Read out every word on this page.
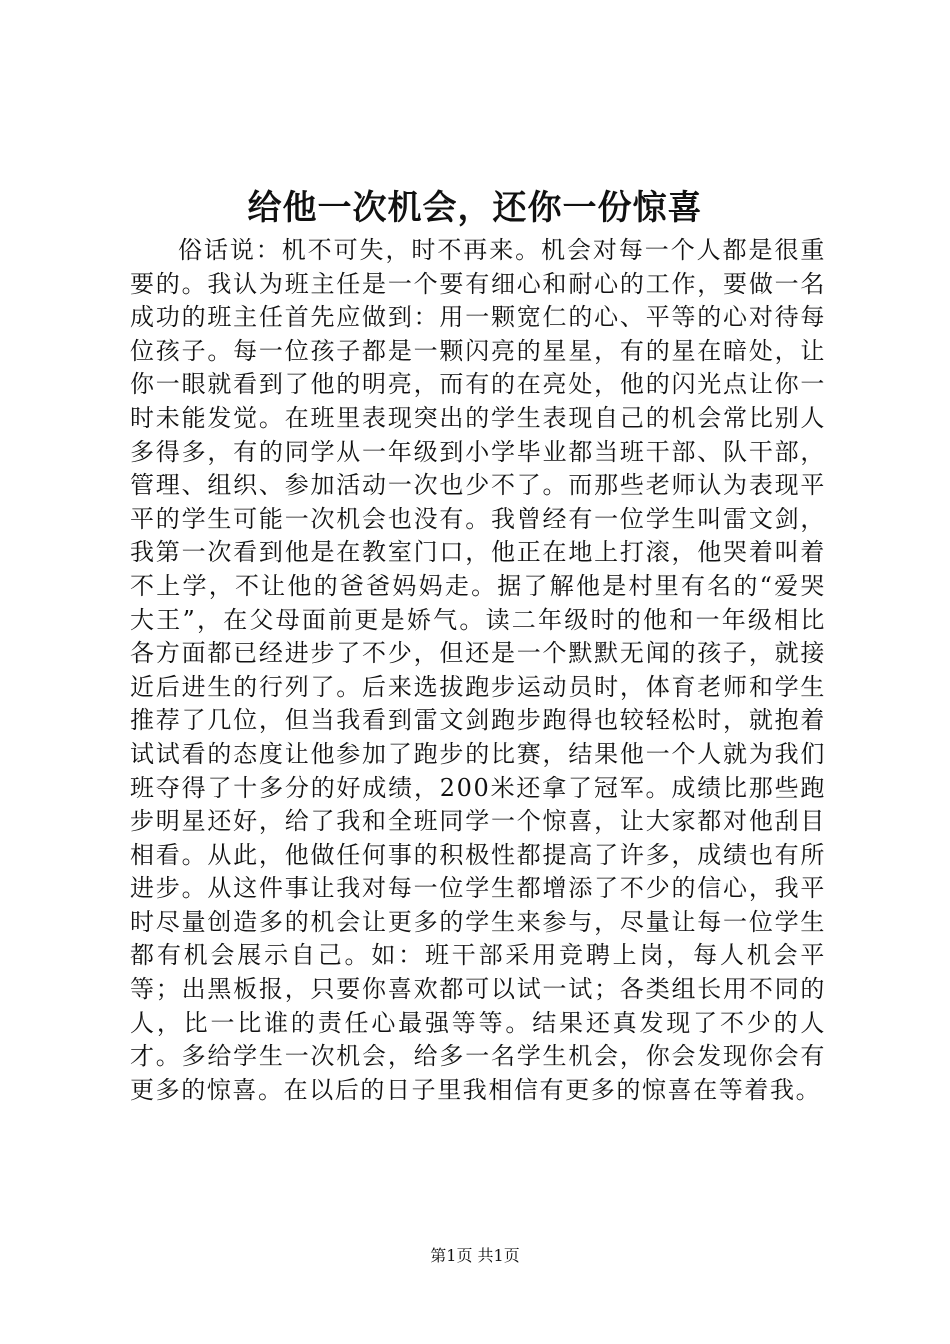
给他一次机会，还你一份惊喜

俗话说：机不可失，时不再来。机会对每一个人都是很重要的。我认为班主任是一个要有细心和耐心的工作，要做一名成功的班主任首先应做到：用一颗宽仁的心、平等的心对待每位孩子。每一位孩子都是一颗闪亮的星星，有的星在暗处，让你一眼就看到了他的明亮，而有的在亮处，他的闪光点让你一时未能发觉。在班里表现突出的学生表现自己的机会常比别人多得多，有的同学从一年级到小学毕业都当班干部、队干部，管理、组织、参加活动一次也少不了。而那些老师认为表现平平的学生可能一次机会也没有。我曾经有一位学生叫雷文剑，我第一次看到他是在教室门口，他正在地上打滚，他哭着叫着不上学，不让他的爸爸妈妈走。据了解他是村里有名的“爱哭大王”，在父母面前更是娇气。读二年级时的他和一年级相比各方面都已经进步了不少，但还是一个默默无闻的孩子，就接近后进生的行列了。后来选拔跑步运动员时，体育老师和学生推荐了几位，但当我看到雷文剑跑步跑得也较轻松时，就抱着试试看的态度让他参加了跑步的比赛，结果他一个人就为我们班夺得了十多分的好成绩，200米还拿了冠军。成绩比那些跑步明星还好，给了我和全班同学一个惊喜，让大家都对他刮目相看。从此，他做任何事的积极性都提高了许多，成绩也有所进步。从这件事让我对每一位学生都增添了不少的信心，我平时尽量创造多的机会让更多的学生来参与，尽量让每一位学生都有机会展示自己。如：班干部采用竞聘上岗，每人机会平等；出黑板报，只要你喜欢都可以试一试；各类组长用不同的人，比一比谁的责任心最强等等。结果还真发现了不少的人才。多给学生一次机会，给多一名学生机会，你会发现你会有更多的惊喜。在以后的日子里我相信有更多的惊喜在等着我。

第1页 共1页
